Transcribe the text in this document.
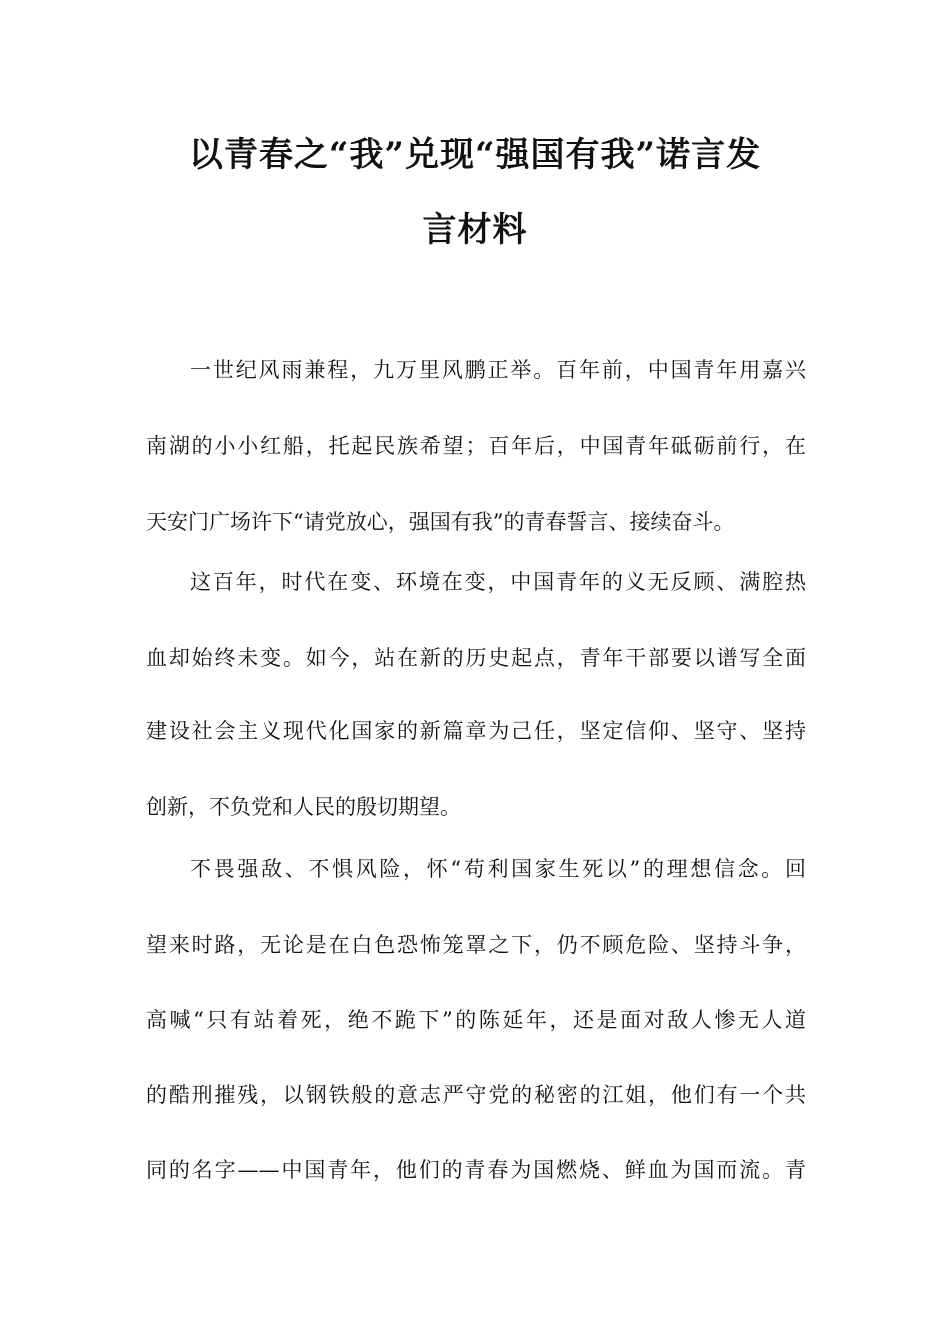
以青春之“我”兑现“强国有我”诺言发
言材料
一世纪风雨兼程，九万里风鹏正举。百年前，中国青年用嘉兴
南湖的小小红船，托起民族希望；百年后，中国青年砥砺前行，在
天安门广场许下“请党放心，强国有我”的青春誓言、接续奋斗。
这百年，时代在变、环境在变，中国青年的义无反顾、满腔热
血却始终未变。如今，站在新的历史起点，青年干部要以谱写全面
建设社会主义现代化国家的新篇章为己任，坚定信仰、坚守、坚持
创新，不负党和人民的殷切期望。
不畏强敌、不惧风险，怀“苟利国家生死以”的理想信念。回
望来时路，无论是在白色恐怖笼罩之下，仍不顾危险、坚持斗争，
高喊“只有站着死，绝不跪下”的陈延年，还是面对敌人惨无人道
的酷刑摧残，以钢铁般的意志严守党的秘密的江姐，他们有一个共
同的名字——中国青年，他们的青春为国燃烧、鲜血为国而流。青
